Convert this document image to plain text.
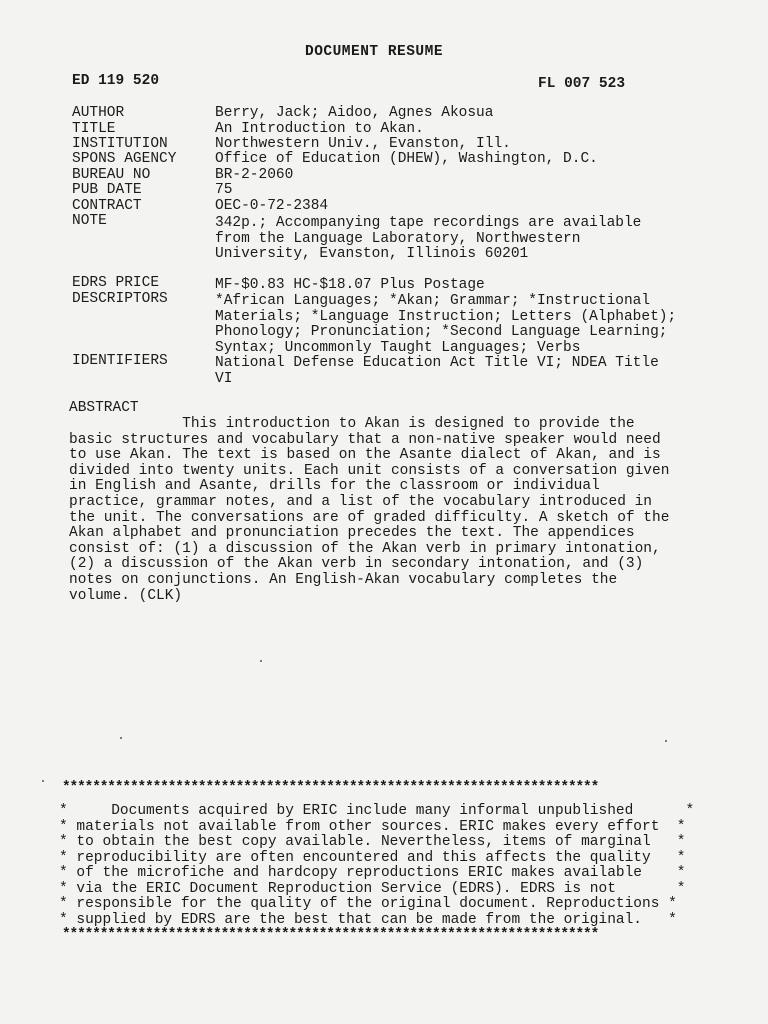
DOCUMENT RESUME
ED 119 520	FL 007 523
AUTHOR	Berry, Jack; Aidoo, Agnes Akosua
TITLE	An Introduction to Akan.
INSTITUTION	Northwestern Univ., Evanston, Ill.
SPONS AGENCY	Office of Education (DHEW), Washington, D.C.
BUREAU NO	BR-2-2060
PUB DATE	75
CONTRACT	OEC-0-72-2384
NOTE	342p.; Accompanying tape recordings are available
from the Language Laboratory, Northwestern
University, Evanston, Illinois 60201
EDRS PRICE	MF-$0.83 HC-$18.07 Plus Postage
DESCRIPTORS	*African Languages; *Akan; Grammar; *Instructional
Materials; *Language Instruction; Letters (Alphabet);
Phonology; Pronunciation; *Second Language Learning;
Syntax; Uncommonly Taught Languages; Verbs
IDENTIFIERS	National Defense Education Act Title VI; NDEA Title
VI
ABSTRACT
This introduction to Akan is designed to provide the
basic structures and vocabulary that a non-native speaker would need
to use Akan. The text is based on the Asante dialect of Akan, and is
divided into twenty units. Each unit consists of a conversation given
in English and Asante, drills for the classroom or individual
practice, grammar notes, and a list of the vocabulary introduced in
the unit. The conversations are of graded difficulty. A sketch of the
Akan alphabet and pronunciation precedes the text. The appendices
consist of: (1) a discussion of the Akan verb in primary intonation,
(2) a discussion of the Akan verb in secondary intonation, and (3)
notes on conjunctions. An English-Akan vocabulary completes the
volume. (CLK)
***********************************************************************
*     Documents acquired by ERIC include many informal unpublished      *
* materials not available from other sources. ERIC makes every effort  *
* to obtain the best copy available. Nevertheless, items of marginal   *
* reproducibility are often encountered and this affects the quality   *
* of the microfiche and hardcopy reproductions ERIC makes available    *
* via the ERIC Document Reproduction Service (EDRS). EDRS is not       *
* responsible for the quality of the original document. Reproductions *
* supplied by EDRS are the best that can be made from the original.   *
***********************************************************************
